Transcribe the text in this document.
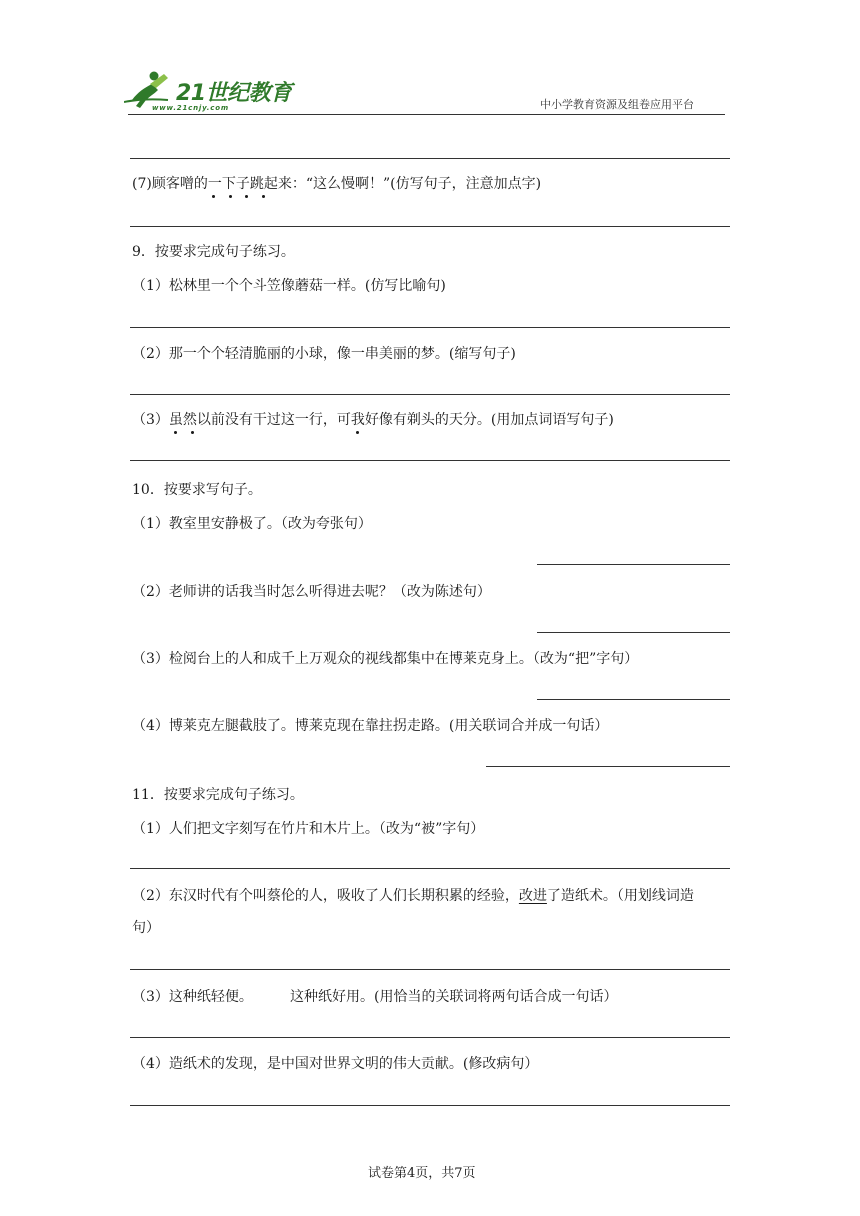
21世纪教育
www.21cnjy.com	中小学教育资源及组卷应用平台
(7)顾客噌的一下子跳起来：“这么慢啊！”(仿写句子，注意加点字)
9．按要求完成句子练习。
（1）松林里一个个斗笠像蘑菇一样。(仿写比喻句)
（2）那一个个轻清脆丽的小球，像一串美丽的梦。(缩写句子)
（3）虽然以前没有干过这一行，可我好像有剃头的天分。(用加点词语写句子)
10．按要求写句子。
（1）教室里安静极了。（改为夸张句）
（2）老师讲的话我当时怎么听得进去呢？（改为陈述句）
（3）检阅台上的人和成千上万观众的视线都集中在博莱克身上。（改为“把”字句）
（4）博莱克左腿截肢了。博莱克现在靠拄拐走路。(用关联词合并成一句话）
11．按要求完成句子练习。
（1）人们把文字刻写在竹片和木片上。（改为“被”字句）
（2）东汉时代有个叫蔡伦的人，吸收了人们长期积累的经验，改进了造纸术。（用划线词造
句）
（3）这种纸轻便。	这种纸好用。(用恰当的关联词将两句话合成一句话）
（4）造纸术的发现，是中国对世界文明的伟大贡献。(修改病句）
试卷第4页，共7页
